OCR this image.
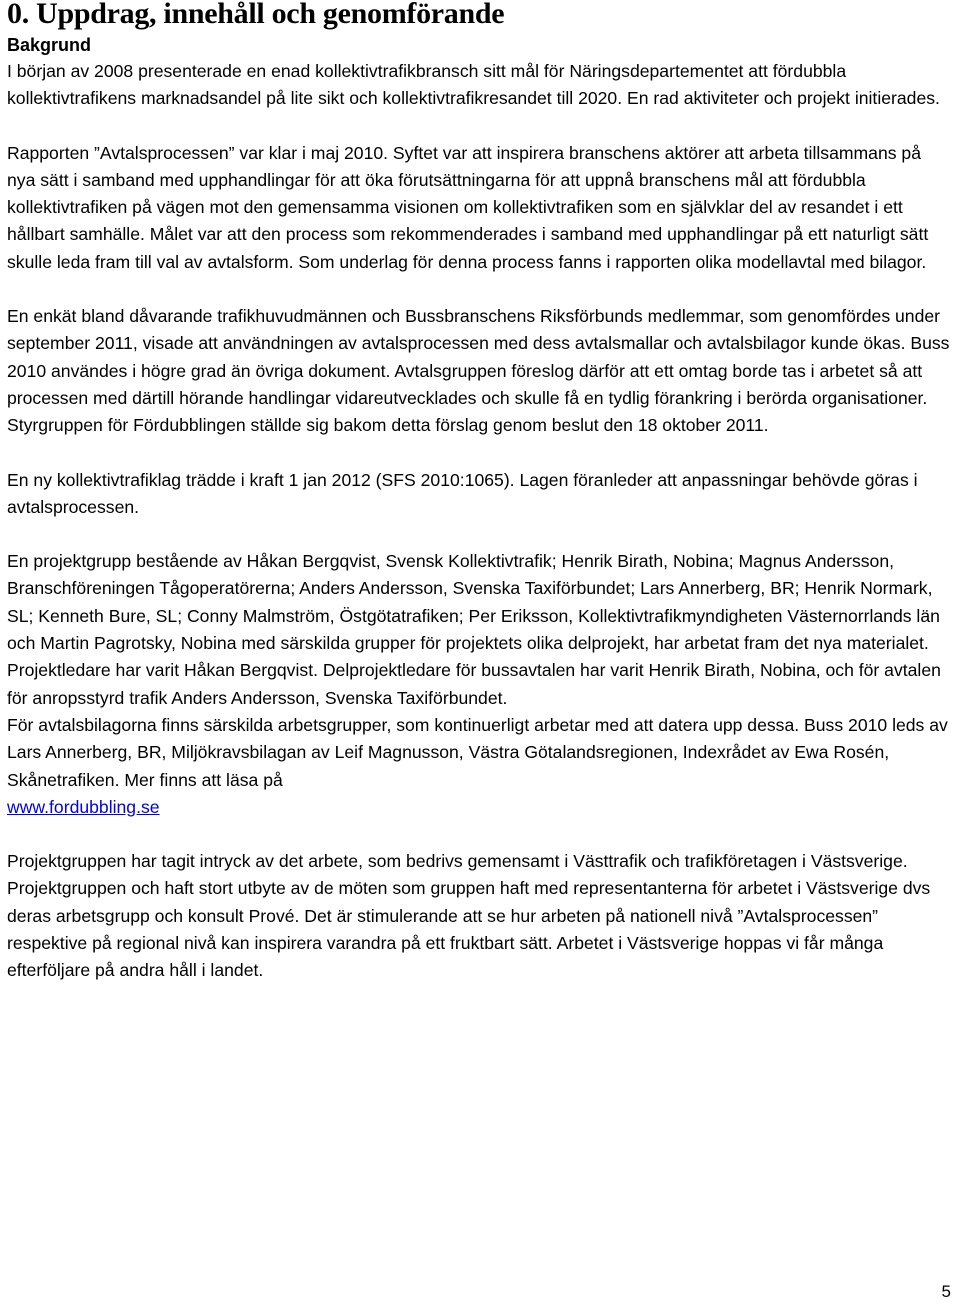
0. Uppdrag, innehåll och genomförande
Bakgrund

I början av 2008 presenterade en enad kollektivtrafikbransch sitt mål för Näringsdepartementet att fördubbla kollektivtrafikens marknadsandel på lite sikt och kollektivtrafikresandet till 2020. En rad aktiviteter och projekt initierades.

Rapporten ”Avtalsprocessen” var klar i maj 2010. Syftet var att inspirera branschens aktörer att arbeta tillsammans på nya sätt i samband med upphandlingar för att öka förutsättningarna för att uppnå branschens mål att fördubbla kollektivtrafiken på vägen mot den gemensamma visionen om kollektivtrafiken som en självklar del av resandet i ett hållbart samhälle. Målet var att den process som rekommenderades i samband med upphandlingar på ett naturligt sätt skulle leda fram till val av avtalsform. Som underlag för denna process fanns i rapporten olika modellavtal med bilagor.

En enkät bland dåvarande trafikhuvudmännen och Bussbranschens Riksförbunds medlemmar, som genomfördes under september 2011, visade att användningen av avtalsprocessen med dess avtalsmallar och avtalsbilagor kunde ökas. Buss 2010 användes i högre grad än övriga dokument. Avtalsgruppen föreslog därför att ett omtag borde tas i arbetet så att processen med därtill hörande handlingar vidareutvecklades och skulle få en tydlig förankring i berörda organisationer. Styrgruppen för Fördubblingen ställde sig bakom detta förslag genom beslut den 18 oktober 2011.

En ny kollektivtrafiklag trädde i kraft 1 jan 2012 (SFS 2010:1065). Lagen föranleder att anpassningar behövde göras i avtalsprocessen.

En projektgrupp bestående av Håkan Bergqvist, Svensk Kollektivtrafik; Henrik Birath, Nobina; Magnus Andersson, Branschföreningen Tågoperatörerna; Anders Andersson, Svenska Taxiförbundet; Lars Annerberg, BR; Henrik Normark, SL; Kenneth Bure, SL; Conny Malmström, Östgötatrafiken; Per Eriksson, Kollektivtrafikmyndigheten Västernorrlands län och Martin Pagrotsky, Nobina med särskilda grupper för projektets olika delprojekt, har arbetat fram det nya materialet. Projektledare har varit Håkan Bergqvist. Delprojektledare för bussavtalen har varit Henrik Birath, Nobina, och för avtalen för anropsstyrd trafik Anders Andersson, Svenska Taxiförbundet.

För avtalsbilagorna finns särskilda arbetsgrupper, som kontinuerligt arbetar med att datera upp dessa. Buss 2010 leds av Lars Annerberg, BR, Miljökravsbilagan av Leif Magnusson, Västra Götalandsregionen, Indexrådet av Ewa Rosén, Skånetrafiken. Mer finns att läsa på
www.fordubbling.se

Projektgruppen har tagit intryck av det arbete, som bedrivs gemensamt i Västtrafik och trafikföretagen i Västsverige. Projektgruppen och haft stort utbyte av de möten som gruppen haft med representanterna för arbetet i Västsverige dvs deras arbetsgrupp och konsult Prové. Det är stimulerande att se hur arbeten på nationell nivå ”Avtalsprocessen” respektive på regional nivå kan inspirera varandra på ett fruktbart sätt. Arbetet i Västsverige hoppas vi får många efterföljare på andra håll i landet.

5
